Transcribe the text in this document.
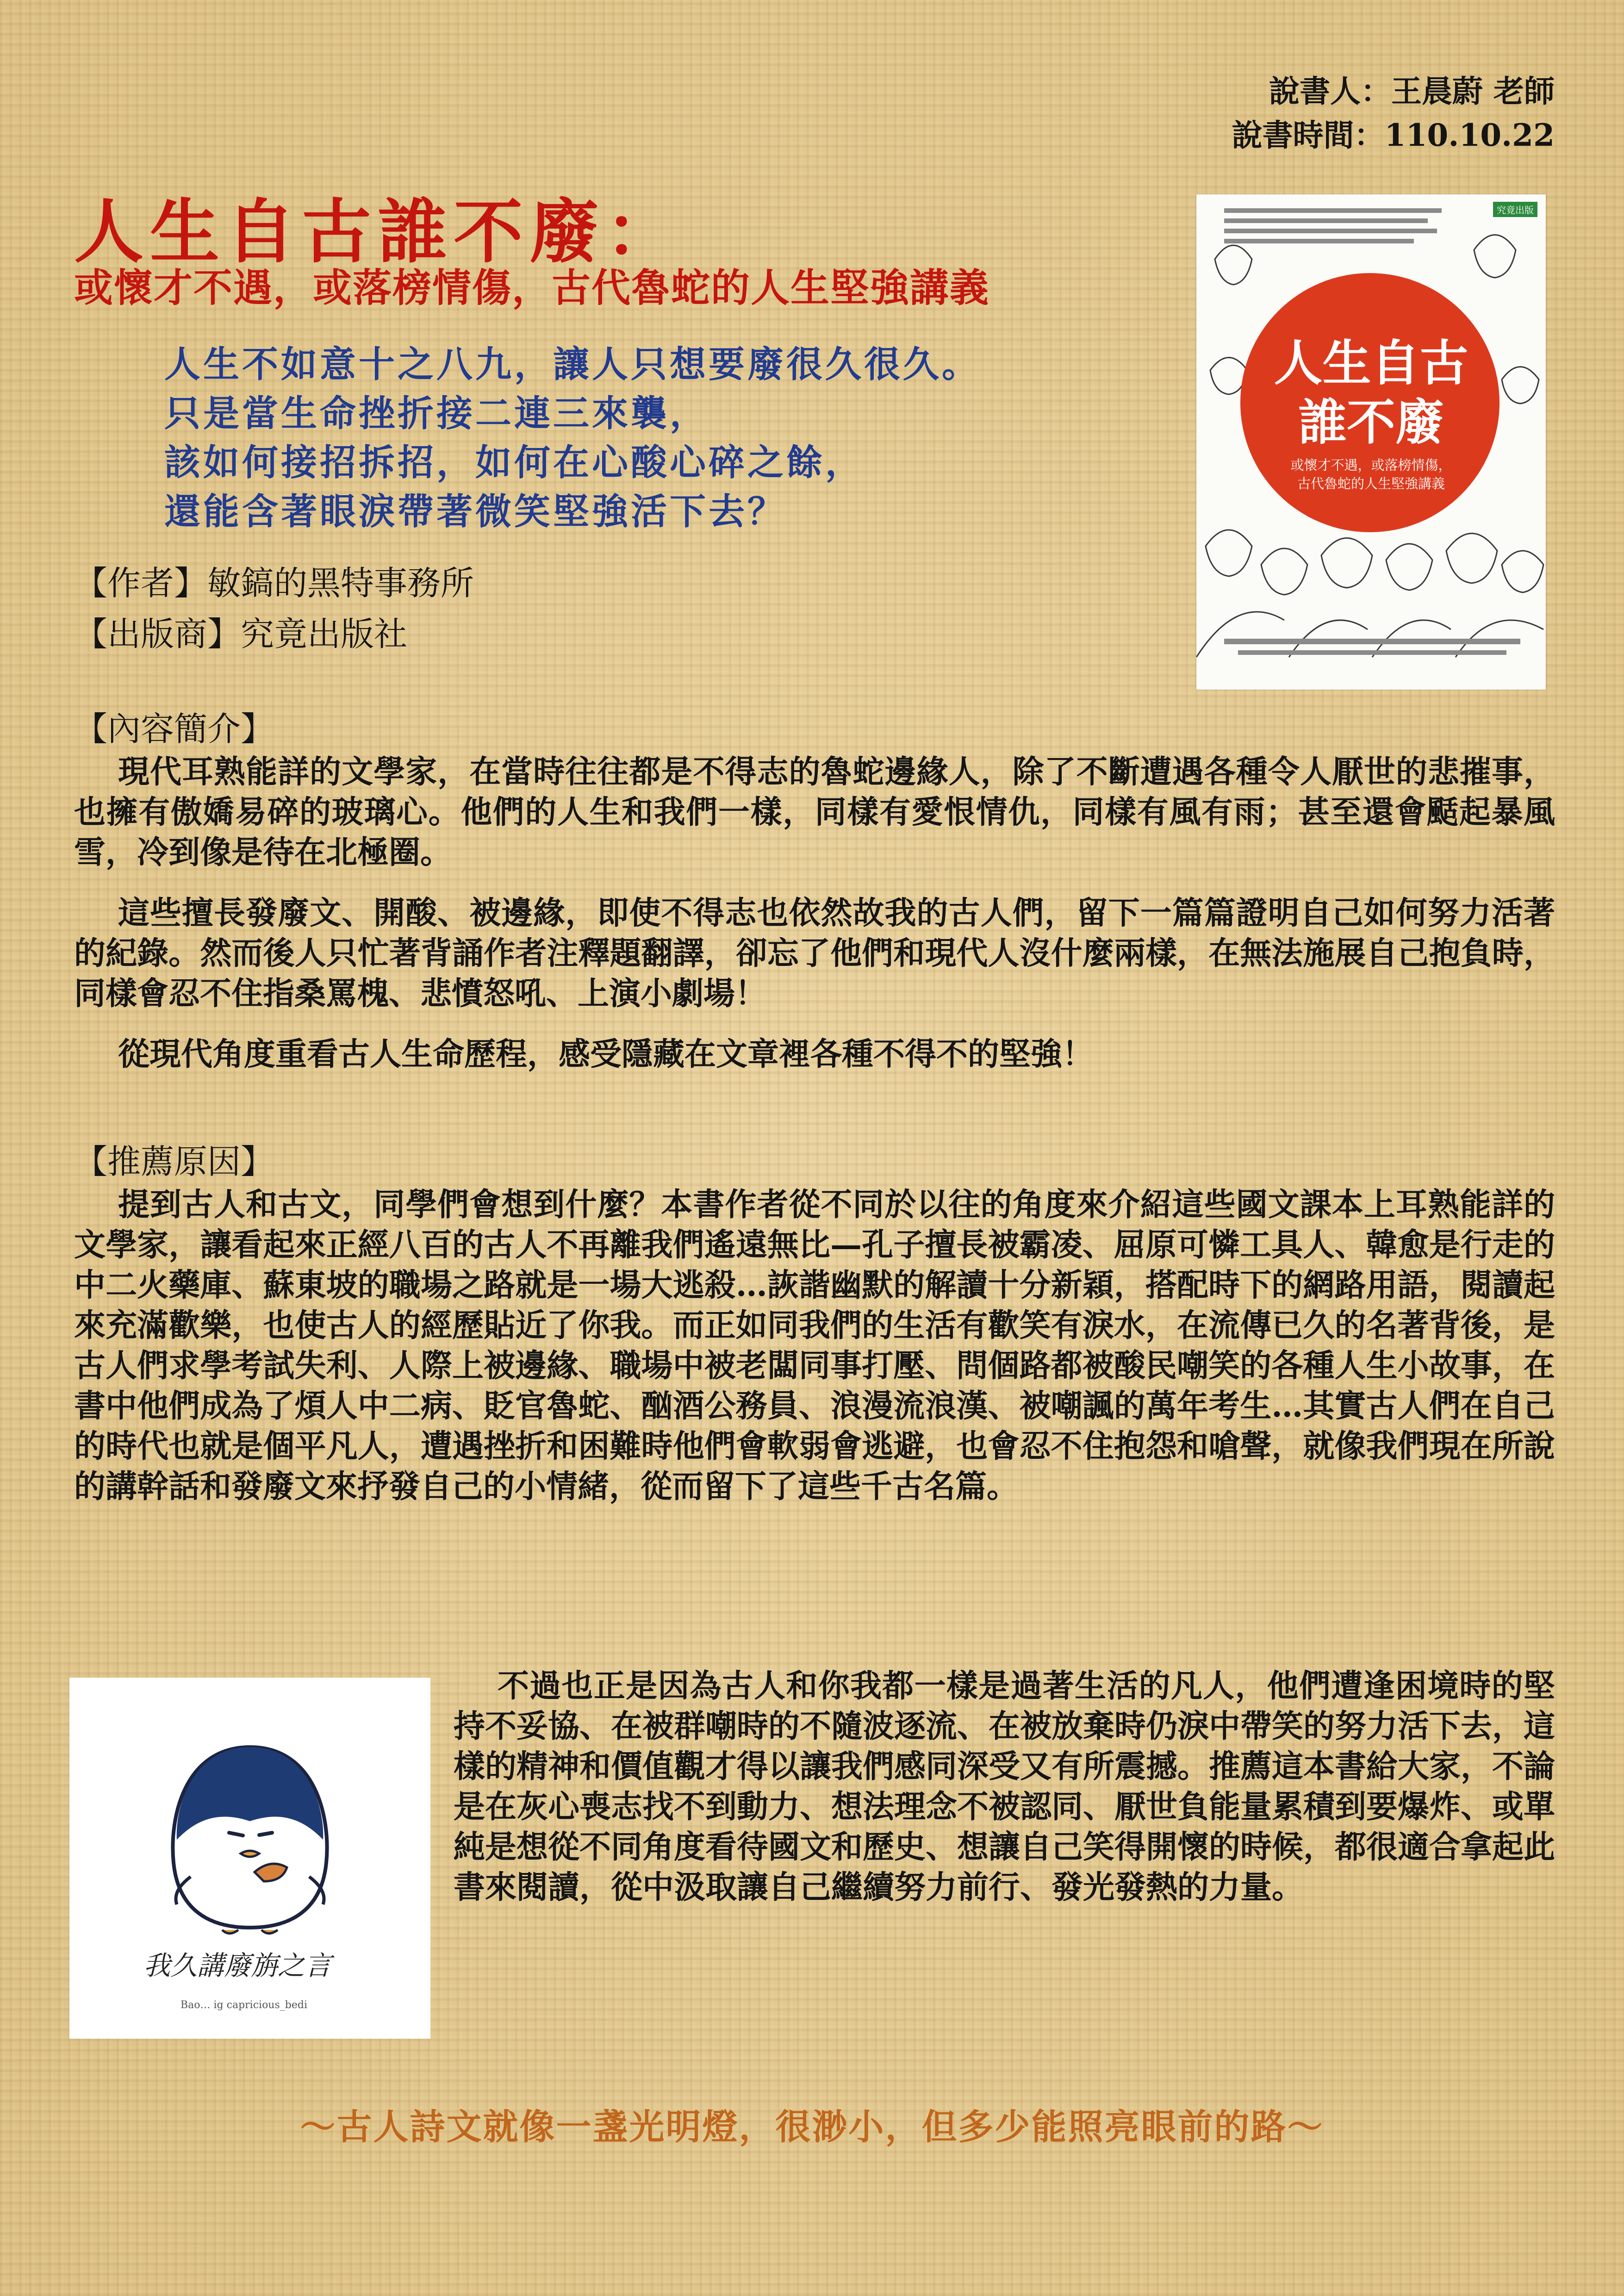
說書人：王晨蔚 老師
說書時間：110.10.22
人生自古誰不廢：
或懷才不遇，或落榜情傷，古代魯蛇的人生堅強講義
人生不如意十之八九，讓人只想要廢很久很久。
只是當生命挫折接二連三來襲，
該如何接招拆招，如何在心酸心碎之餘，
還能含著眼淚帶著微笑堅強活下去？
究竟出版
人生自古
誰不廢
或懷才不遇，或落榜情傷，
古代魯蛇的人生堅強講義
【作者】敏鎬的黑特事務所
【出版商】究竟出版社
【內容簡介】
現代耳熟能詳的文學家，在當時往往都是不得志的魯蛇邊緣人，除了不斷遭遇各種令人厭世的悲摧事，也擁有傲嬌易碎的玻璃心。他們的人生和我們一樣，同樣有愛恨情仇，同樣有風有雨；甚至還會颳起暴風雪，冷到像是待在北極圈。
這些擅長發廢文、開酸、被邊緣，即使不得志也依然故我的古人們，留下一篇篇證明自己如何努力活著的紀錄。然而後人只忙著背誦作者注釋題翻譯，卻忘了他們和現代人沒什麼兩樣，在無法施展自己抱負時，同樣會忍不住指桑罵槐、悲憤怒吼、上演小劇場！
從現代角度重看古人生命歷程，感受隱藏在文章裡各種不得不的堅強！
【推薦原因】
提到古人和古文，同學們會想到什麼？本書作者從不同於以往的角度來介紹這些國文課本上耳熟能詳的文學家，讓看起來正經八百的古人不再離我們遙遠無比—孔子擅長被霸凌、屈原可憐工具人、韓愈是行走的中二火藥庫、蘇東坡的職場之路就是一場大逃殺…詼諧幽默的解讀十分新穎，搭配時下的網路用語，閱讀起來充滿歡樂，也使古人的經歷貼近了你我。而正如同我們的生活有歡笑有淚水，在流傳已久的名著背後，是古人們求學考試失利、人際上被邊緣、職場中被老闆同事打壓、問個路都被酸民嘲笑的各種人生小故事，在書中他們成為了煩人中二病、貶官魯蛇、酗酒公務員、浪漫流浪漢、被嘲諷的萬年考生…其實古人們在自己的時代也就是個平凡人，遭遇挫折和困難時他們會軟弱會逃避，也會忍不住抱怨和嗆聲，就像我們現在所說的講幹話和發廢文來抒發自己的小情緒，從而留下了這些千古名篇。
我久講廢旃之言
Bao… ig capricious_bedi
不過也正是因為古人和你我都一樣是過著生活的凡人，他們遭逢困境時的堅持不妥協、在被群嘲時的不隨波逐流、在被放棄時仍淚中帶笑的努力活下去，這樣的精神和價值觀才得以讓我們感同深受又有所震撼。推薦這本書給大家，不論是在灰心喪志找不到動力、想法理念不被認同、厭世負能量累積到要爆炸、或單純是想從不同角度看待國文和歷史、想讓自己笑得開懷的時候，都很適合拿起此書來閱讀，從中汲取讓自己繼續努力前行、發光發熱的力量。
～古人詩文就像一盞光明燈，很渺小，但多少能照亮眼前的路～
